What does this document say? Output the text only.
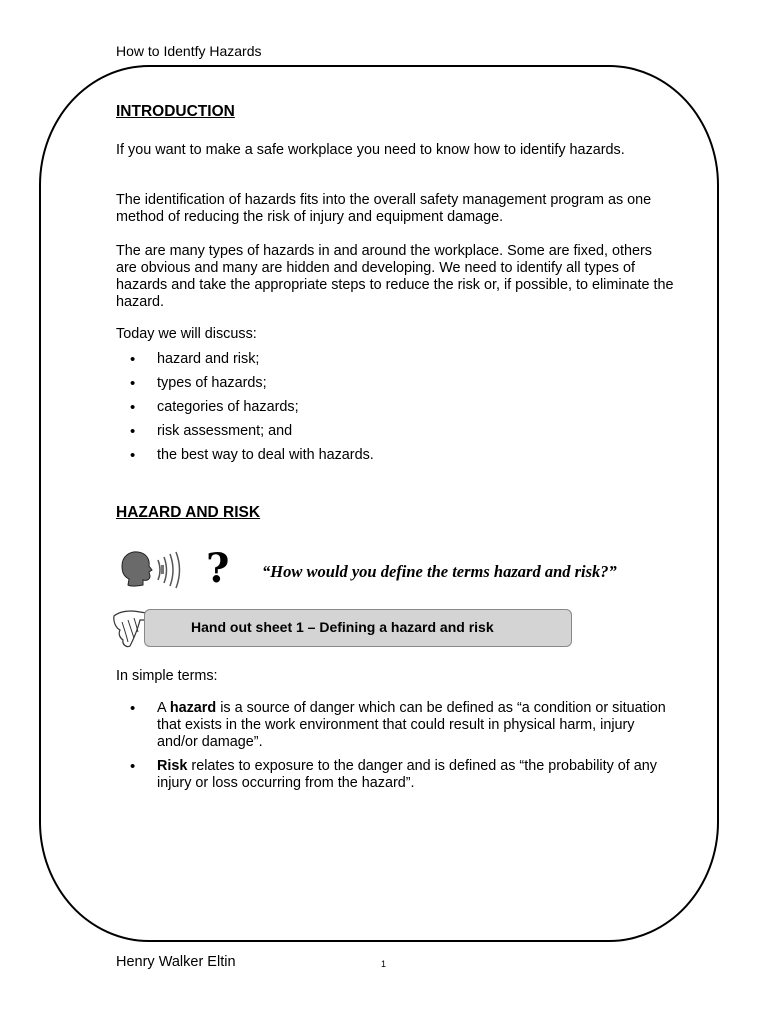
How to Identfy Hazards
INTRODUCTION

If you want to make a safe workplace you need to know how to identify hazards.

The identification of hazards fits into the overall safety management program as one method of reducing the risk of injury and equipment damage.

The are many types of hazards in and around the workplace. Some are fixed, others are obvious and many are hidden and developing. We need to identify all types of hazards and take the appropriate steps to reduce the risk or, if possible, to eliminate the hazard.

Today we will discuss:

• hazard and risk;
• types of hazards;
• categories of hazards;
• risk assessment; and
• the best way to deal with hazards.
HAZARD AND RISK

In simple terms:

• A hazard is a source of danger which can be defined as “a condition or situation that exists in the work environment that could result in physical harm, injury and/or damage”.
• Risk relates to exposure to the danger and is defined as “the probability of any injury or loss occurring from the hazard”.
? “How would you define the terms hazard and risk?”
Hand out sheet 1 – Defining a hazard and risk
Henry Walker Eltin	1
